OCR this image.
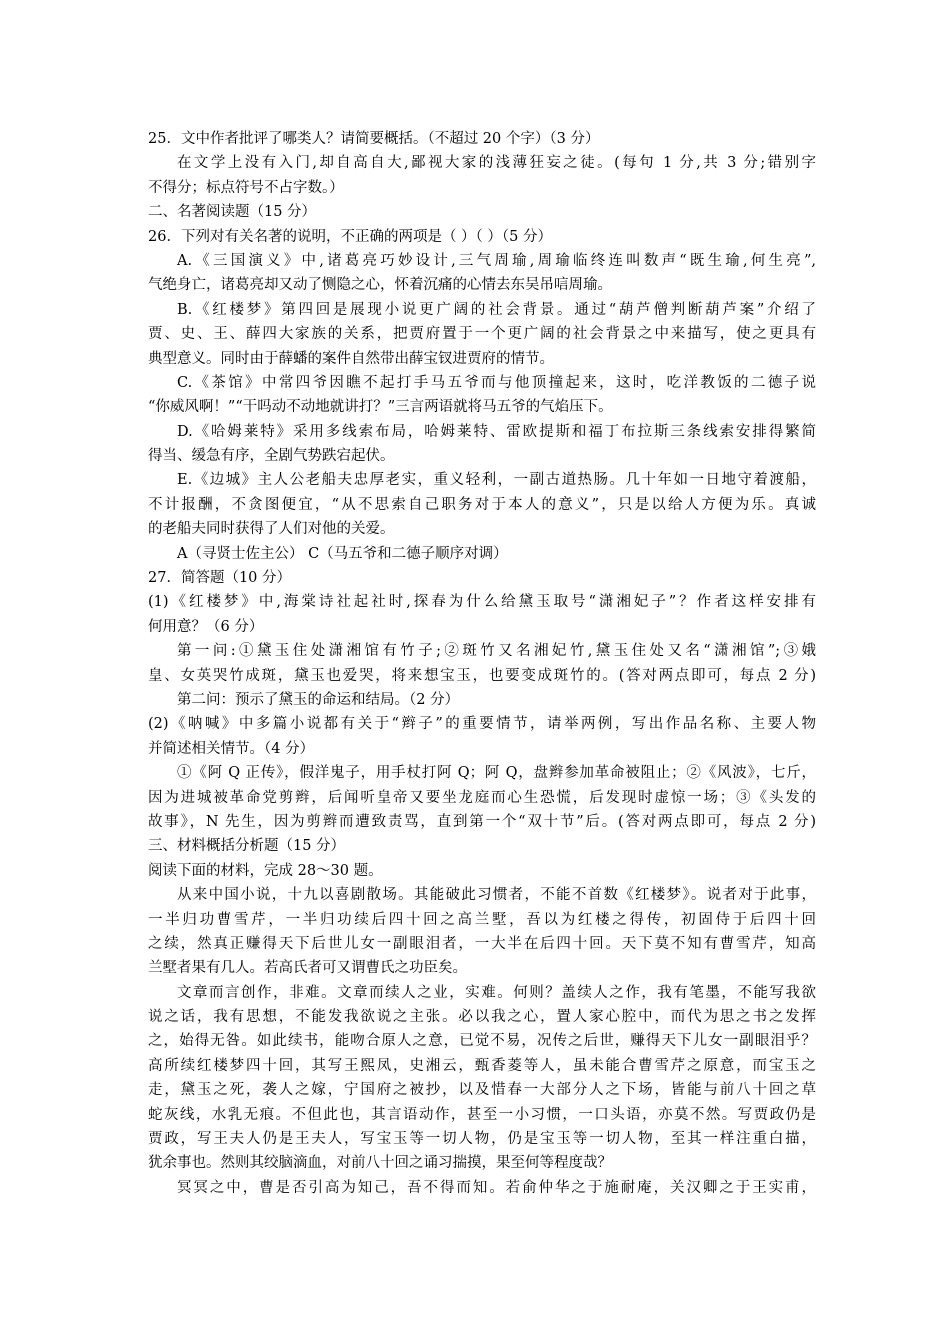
25．文中作者批评了哪类人？请简要概括。（不超过 20 个字）（3 分）
在文学上没有入门,却自高自大,鄙视大家的浅薄狂妄之徒。(每句 1 分,共 3 分;错别字
不得分；标点符号不占字数。）
二、名著阅读题（15 分）
26．下列对有关名著的说明，不正确的两项是（ ）（ ）（5 分）
A.《三国演义》中,诸葛亮巧妙设计,三气周瑜,周瑜临终连叫数声“既生瑜,何生亮”,
气绝身亡，诸葛亮却又动了恻隐之心，怀着沉痛的心情去东吴吊唁周瑜。
B.《红楼梦》第四回是展现小说更广阔的社会背景。通过“葫芦僧判断葫芦案”介绍了
贾、史、王、薛四大家族的关系，把贾府置于一个更广阔的社会背景之中来描写，使之更具有
典型意义。同时由于薛蟠的案件自然带出薛宝钗进贾府的情节。
C.《茶馆》中常四爷因瞧不起打手马五爷而与他顶撞起来，这时，吃洋教饭的二德子说
“你威风啊！”“干吗动不动地就讲打？”三言两语就将马五爷的气焰压下。
D.《哈姆莱特》采用多线索布局，哈姆莱特、雷欧提斯和福丁布拉斯三条线索安排得繁简
得当、缓急有序，全剧气势跌宕起伏。
E.《边城》主人公老船夫忠厚老实，重义轻利，一副古道热肠。几十年如一日地守着渡船，
不计报酬，不贪图便宜，“从不思索自己职务对于本人的意义”，只是以给人方便为乐。真诚
的老船夫同时获得了人们对他的关爱。
A（寻贤士佐主公） C（马五爷和二德子顺序对调）
27．简答题（10 分）
(1)《红楼梦》中,海棠诗社起社时,探春为什么给黛玉取号“潇湘妃子”？作者这样安排有
何用意？（6 分）
第一问:①黛玉住处潇湘馆有竹子;②斑竹又名湘妃竹,黛玉住处又名“潇湘馆”;③娥
皇、女英哭竹成斑，黛玉也爱哭，将来想宝玉，也要变成斑竹的。(答对两点即可，每点 2 分)
第二问：预示了黛玉的命运和结局。（2 分）
(2)《呐喊》中多篇小说都有关于“辫子”的重要情节，请举两例，写出作品名称、主要人物
并简述相关情节。（4 分）
①《阿 Q 正传》，假洋鬼子，用手杖打阿 Q；阿 Q，盘辫参加革命被阻止；②《风波》，七斤，
因为进城被革命党剪辫，后闻听皇帝又要坐龙庭而心生恐慌，后发现时虚惊一场；③《头发的
故事》，N 先生，因为剪辫而遭致责骂，直到第一个“双十节”后。(答对两点即可，每点 2 分)
三、材料概括分析题（15 分）
阅读下面的材料，完成 28～30 题。
从来中国小说，十九以喜剧散场。其能破此习惯者，不能不首数《红楼梦》。说者对于此事，
一半归功曹雪芹，一半归功续后四十回之高兰墅，吾以为红楼之得传，初固侍于后四十回
之续，然真正赚得天下后世儿女一副眼泪者，一大半在后四十回。天下莫不知有曹雪芹，知高
兰墅者果有几人。若高氏者可又谓曹氏之功臣矣。
文章而言创作，非难。文章而续人之业，实难。何则？盖续人之作，我有笔墨，不能写我欲
说之话，我有思想，不能发我欲说之主张。必以我之心，置人家心腔中，而代为思之书之发挥
之，始得无咎。如此续书，能吻合原人之意，已觉不易，况传之后世，赚得天下儿女一副眼泪乎？
高所续红楼梦四十回，其写王熙凤，史湘云，甄香菱等人，虽未能合曹雪芹之原意，而宝玉之
走，黛玉之死，袭人之嫁，宁国府之被抄，以及惜春一大部分人之下场，皆能与前八十回之草
蛇灰线，水乳无痕。不但此也，其言语动作，甚至一小习惯，一口头语，亦莫不然。写贾政仍是
贾政，写王夫人仍是王夫人，写宝玉等一切人物，仍是宝玉等一切人物，至其一样注重白描，
犹余事也。然则其绞脑滴血，对前八十回之诵习揣摸，果至何等程度哉？
冥冥之中，曹是否引高为知己，吾不得而知。若俞仲华之于施耐庵，关汉卿之于王实甫，
